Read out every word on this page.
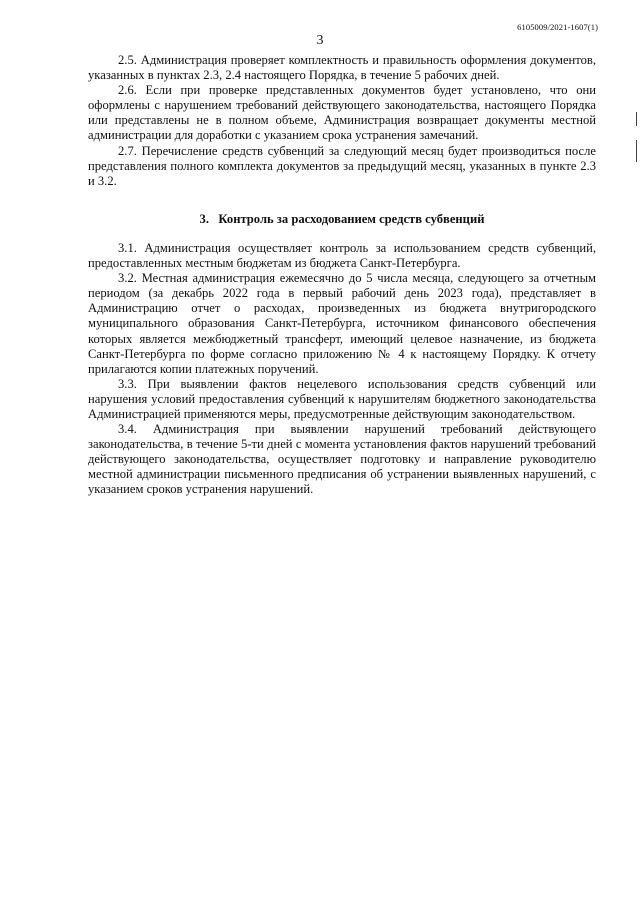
6105009/2021-1607(1)
3

2.5. Администрация проверяет комплектность и правильность оформления документов, указанных в пунктах 2.3, 2.4 настоящего Порядка, в течение 5 рабочих дней.

2.6. Если при проверке представленных документов будет установлено, что они оформлены с нарушением требований действующего законодательства, настоящего Порядка или представлены не в полном объеме, Администрация возвращает документы местной администрации для доработки с указанием срока устранения замечаний.

2.7. Перечисление средств субвенций за следующий месяц будет производиться после представления полного комплекта документов за предыдущий месяц, указанных в пункте 2.3 и 3.2.

3.   Контроль за расходованием средств субвенций

3.1. Администрация осуществляет контроль за использованием средств субвенций, предоставленных местным бюджетам из бюджета Санкт-Петербурга.

3.2. Местная администрация ежемесячно до 5 числа месяца, следующего за отчетным периодом (за декабрь 2022 года в первый рабочий день 2023 года), представляет в Администрацию отчет о расходах, произведенных из бюджета внутригородского муниципального образования Санкт-Петербурга, источником финансового обеспечения которых является межбюджетный трансферт, имеющий целевое назначение, из бюджета Санкт-Петербурга по форме согласно приложению № 4 к настоящему Порядку. К отчету прилагаются копии платежных поручений.

3.3. При выявлении фактов нецелевого использования средств субвенций или нарушения условий предоставления субвенций к нарушителям бюджетного законодательства Администрацией применяются меры, предусмотренные действующим законодательством.

3.4. Администрация при выявлении нарушений требований действующего законодательства, в течение 5-ти дней с момента установления фактов нарушений требований действующего законодательства, осуществляет подготовку и направление руководителю местной администрации письменного предписания об устранении выявленных нарушений, с указанием сроков устранения нарушений.
